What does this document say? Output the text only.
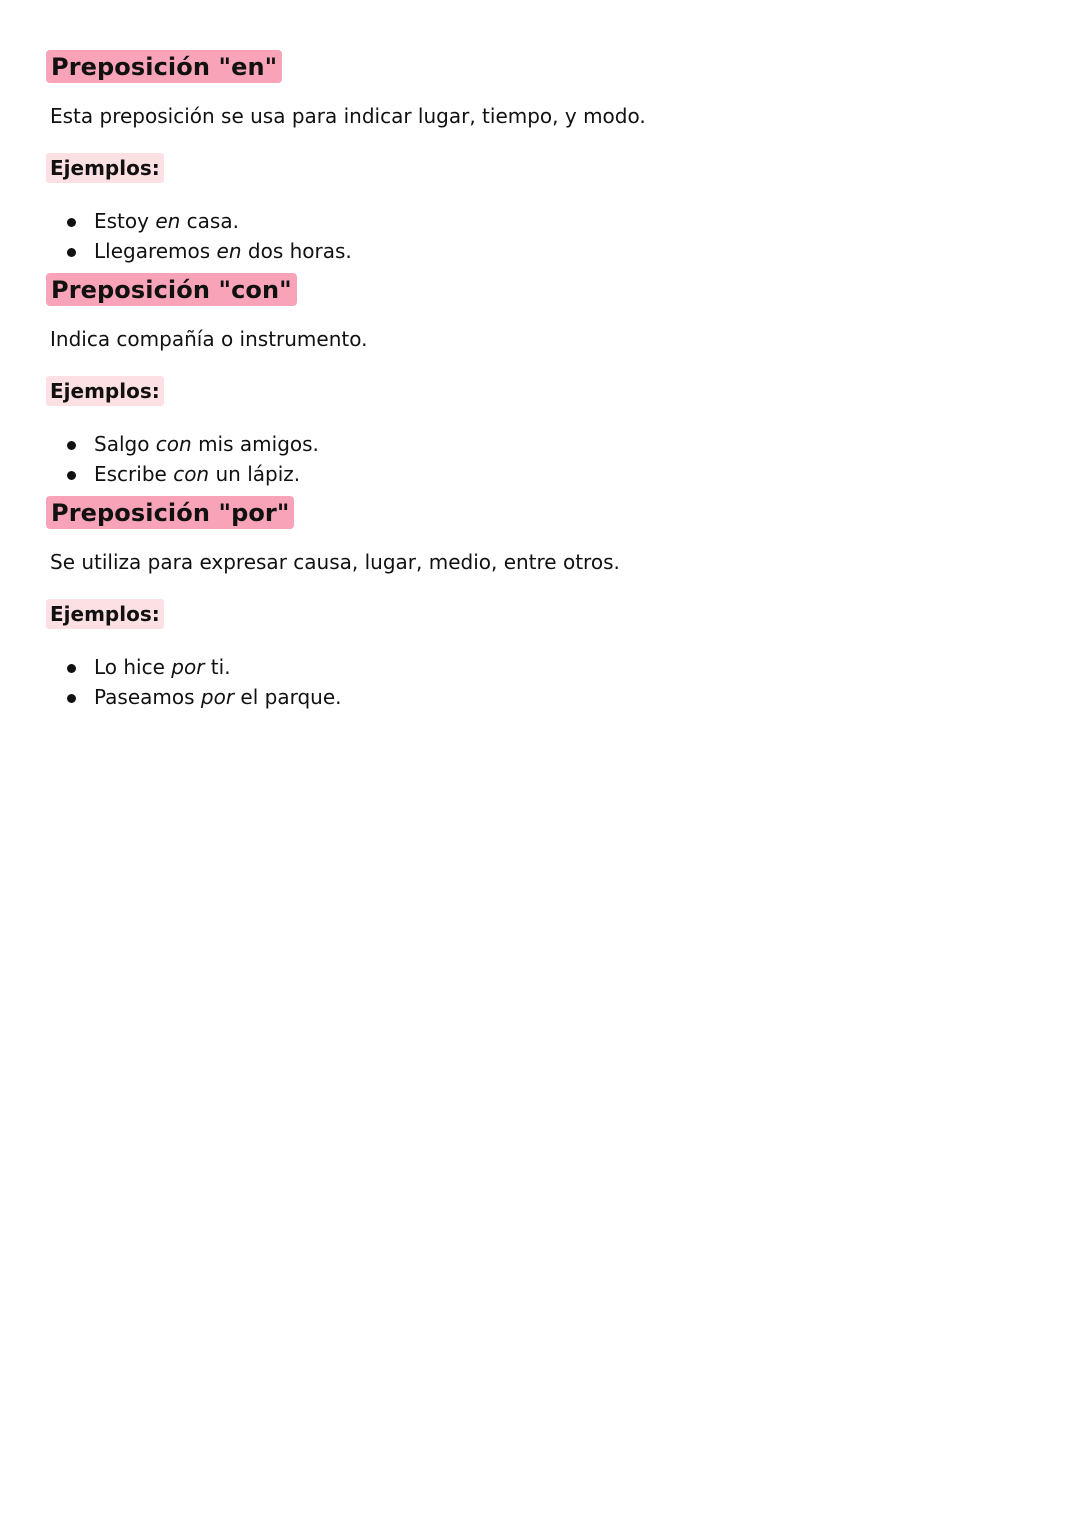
Preposición "en"

Esta preposición se usa para indicar lugar, tiempo, y modo.

Ejemplos:
Estoy en casa.
Llegaremos en dos horas.
Preposición "con"

Indica compañía o instrumento.

Ejemplos:
Salgo con mis amigos.
Escribe con un lápiz.
Preposición "por"

Se utiliza para expresar causa, lugar, medio, entre otros.

Ejemplos:
Lo hice por ti.
Paseamos por el parque.
